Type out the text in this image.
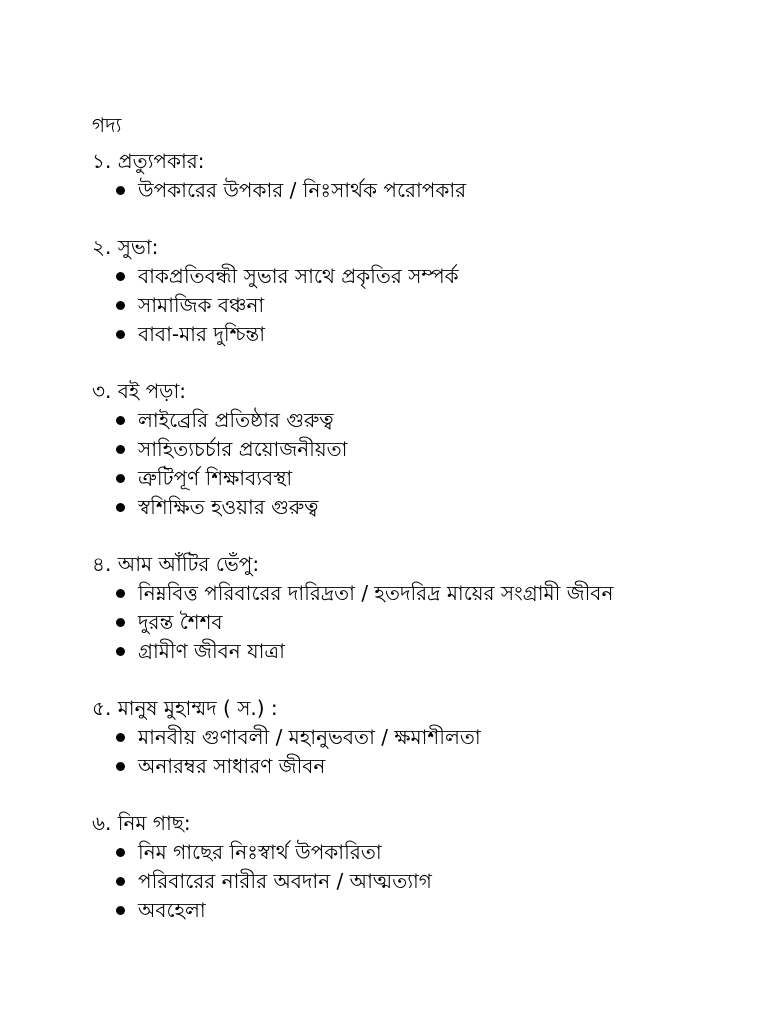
গদ্য
১. প্রত্যুপকার:
উপকারের উপকার / নিঃসার্থক পরোপকার
২. সুভা:
বাকপ্রতিবন্ধী সুভার সাথে প্রকৃতির সম্পর্ক
সামাজিক বঞ্চনা
বাবা-মার দুশ্চিন্তা
৩. বই পড়া:
লাইব্রেরি প্রতিষ্ঠার গুরুত্ব
সাহিত্যচর্চার প্রয়োজনীয়তা
ত্রুটিপূর্ণ শিক্ষাব্যবস্থা
স্বশিক্ষিত হওয়ার গুরুত্ব
৪. আম আঁটির ভেঁপু:
নিম্নবিত্ত পরিবারের দারিদ্রতা / হতদরিদ্র মায়ের সংগ্রামী জীবন
দুরন্ত শৈশব
গ্রামীণ জীবন যাত্রা
৫. মানুষ মুহাম্মদ ( স.) :
মানবীয় গুণাবলী / মহানুভবতা / ক্ষমাশীলতা
অনারম্বর সাধারণ জীবন
৬. নিম গাছ:
নিম গাছের নিঃস্বার্থ উপকারিতা
পরিবারের নারীর অবদান / আত্মত্যাগ
অবহেলা
